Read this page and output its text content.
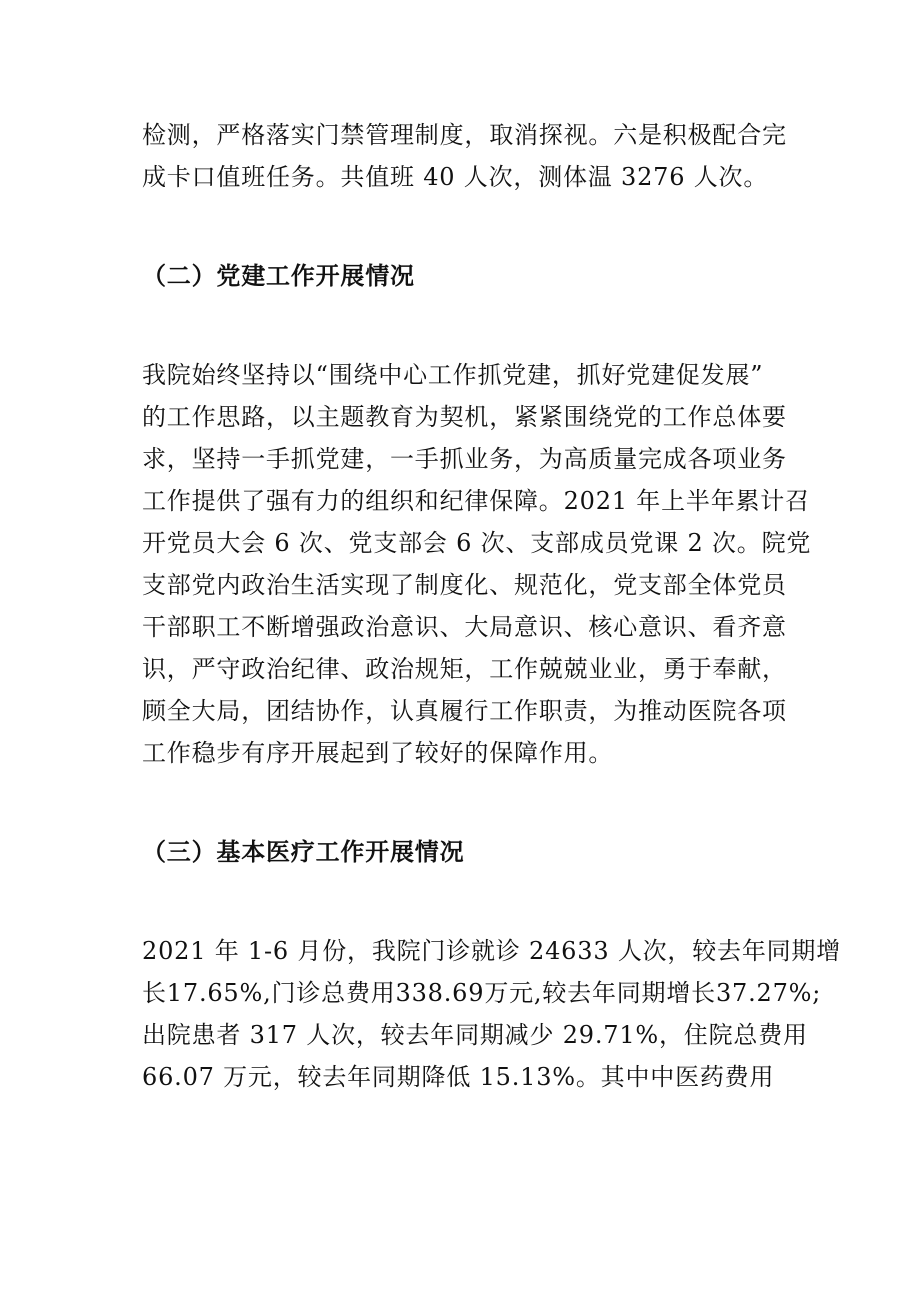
检测，严格落实门禁管理制度，取消探视。六是积极配合完
成卡口值班任务。共值班 40 人次，测体温 3276 人次。

（二）党建工作开展情况

我院始终坚持以“围绕中心工作抓党建，抓好党建促发展”
的工作思路，以主题教育为契机，紧紧围绕党的工作总体要
求，坚持一手抓党建，一手抓业务，为高质量完成各项业务
工作提供了强有力的组织和纪律保障。2021 年上半年累计召
开党员大会 6 次、党支部会 6 次、支部成员党课 2 次。院党
支部党内政治生活实现了制度化、规范化，党支部全体党员
干部职工不断增强政治意识、大局意识、核心意识、看齐意
识，严守政治纪律、政治规矩，工作兢兢业业，勇于奉献，
顾全大局，团结协作，认真履行工作职责，为推动医院各项
工作稳步有序开展起到了较好的保障作用。

（三）基本医疗工作开展情况

2021 年 1-6 月份，我院门诊就诊 24633 人次，较去年同期增
长17.65%,门诊总费用338.69万元,较去年同期增长37.27%;
出院患者 317 人次，较去年同期减少 29.71%，住院总费用
66.07 万元，较去年同期降低 15.13%。其中中医药费用
